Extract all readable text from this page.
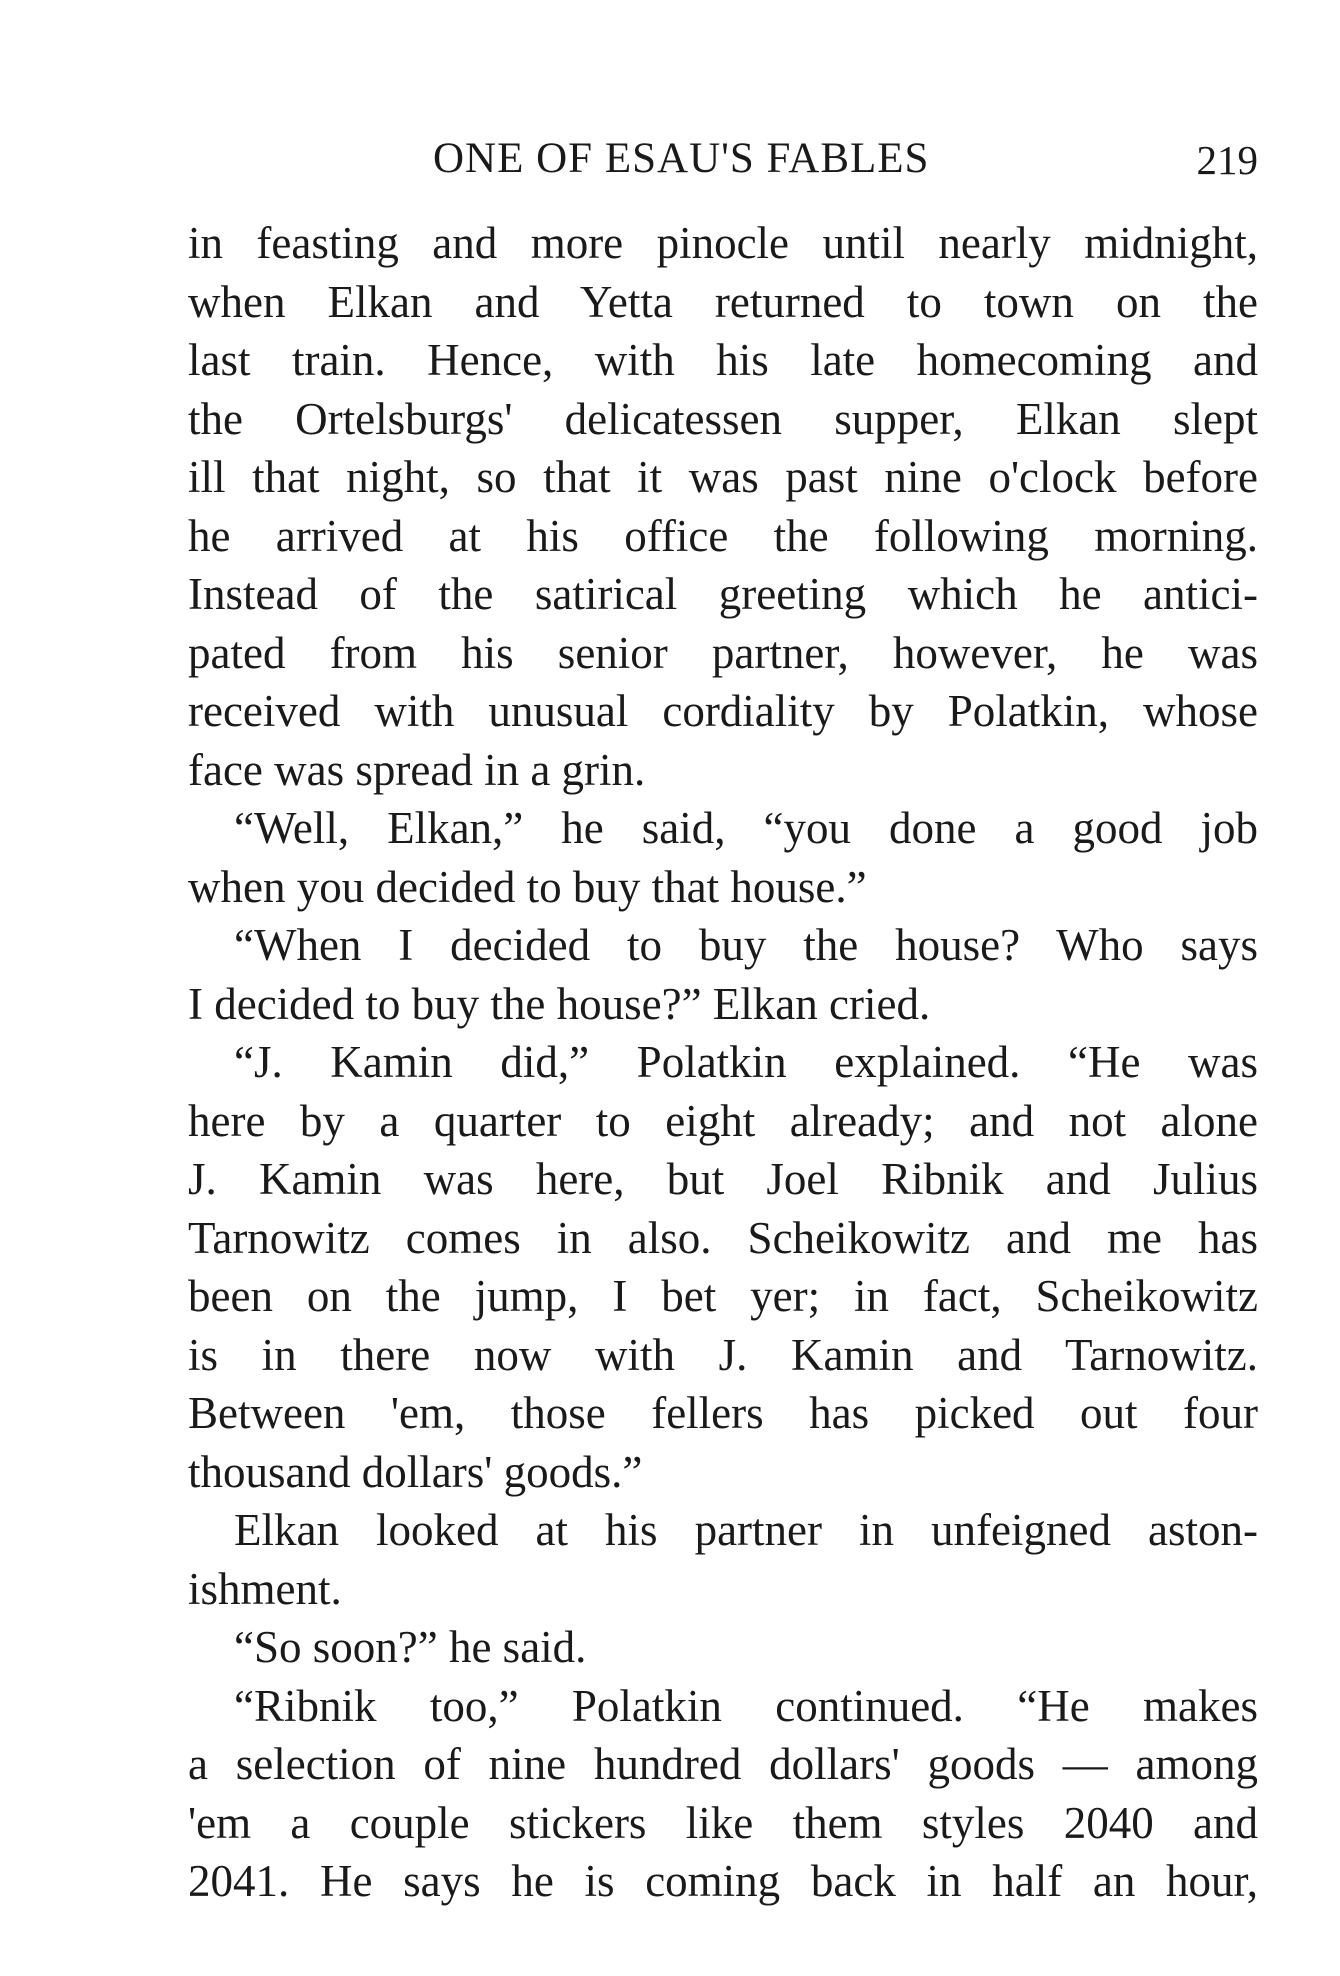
ONE OF ESAU'S FABLES	219
in feasting and more pinocle until nearly midnight,
when Elkan and Yetta returned to town on the
last train. Hence, with his late homecoming and
the Ortelsburgs' delicatessen supper, Elkan slept
ill that night, so that it was past nine o'clock before
he arrived at his office the following morning.
Instead of the satirical greeting which he antici-
pated from his senior partner, however, he was
received with unusual cordiality by Polatkin, whose
face was spread in a grin.
“Well, Elkan,” he said, “you done a good job
when you decided to buy that house.”
“When I decided to buy the house? Who says
I decided to buy the house?” Elkan cried.
“J. Kamin did,” Polatkin explained. “He was
here by a quarter to eight already; and not alone
J. Kamin was here, but Joel Ribnik and Julius
Tarnowitz comes in also. Scheikowitz and me has
been on the jump, I bet yer; in fact, Scheikowitz
is in there now with J. Kamin and Tarnowitz.
Between 'em, those fellers has picked out four
thousand dollars' goods.”
Elkan looked at his partner in unfeigned aston-
ishment.
“So soon?” he said.
“Ribnik too,” Polatkin continued. “He makes
a selection of nine hundred dollars' goods — among
'em a couple stickers like them styles 2040 and
2041. He says he is coming back in half an hour,
